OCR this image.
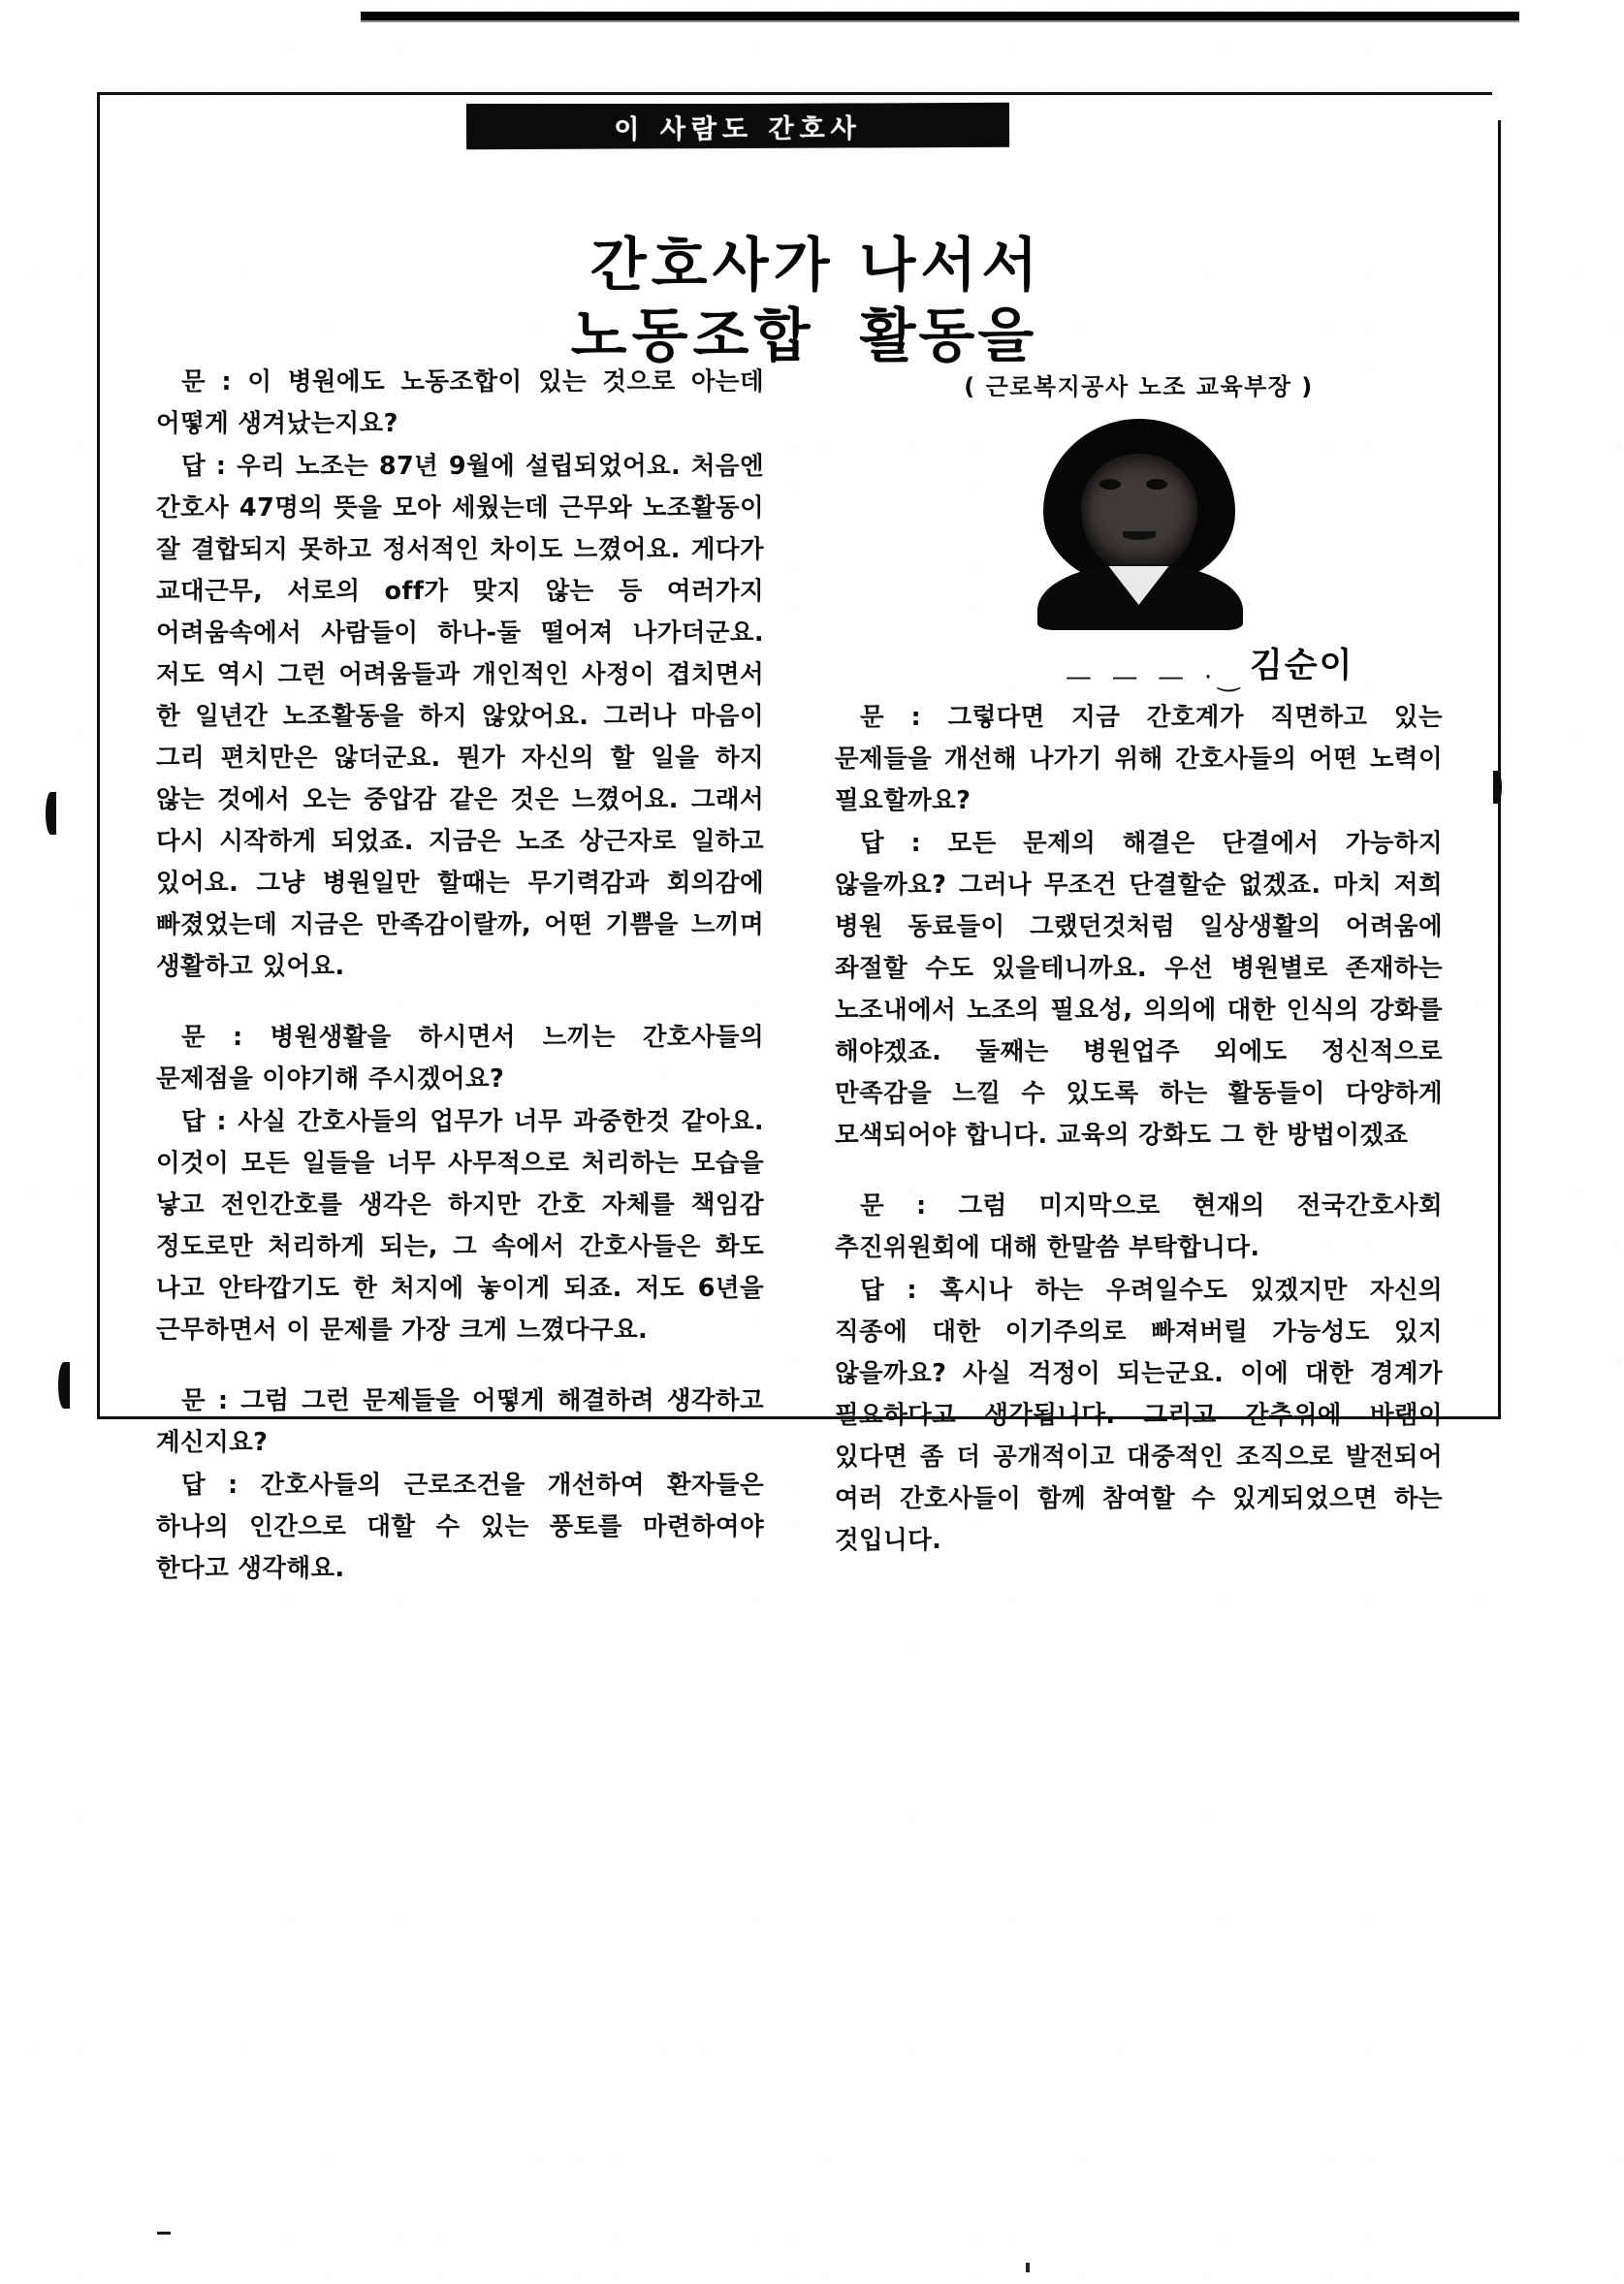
이 사람도 간호사
간호사가 나서서
노동조합 활동을

문 : 이 병원에도 노동조합이 있는 것으로 아는데 어떻게 생겨났는지요?

답 : 우리 노조는 87년 9월에 설립되었어요. 처음엔 간호사 47명의 뜻을 모아 세웠는데 근무와 노조활동이 잘 결합되지 못하고 정서적인 차이도 느꼈어요. 게다가 교대근무, 서로의 off가 맞지 않는 등 여러가지 어려움속에서 사람들이 하나-둘 떨어져 나가더군요. 저도 역시 그런 어려움들과 개인적인 사정이 겹치면서 한 일년간 노조활동을 하지 않았어요. 그러나 마음이 그리 편치만은 않더군요. 뭔가 자신의 할 일을 하지 않는 것에서 오는 중압감 같은 것은 느꼈어요. 그래서 다시 시작하게 되었죠. 지금은 노조 상근자로 일하고 있어요. 그냥 병원일만 할때는 무기력감과 회의감에 빠졌었는데 지금은 만족감이랄까, 어떤 기쁨을 느끼며 생활하고 있어요.

문 : 병원생활을 하시면서 느끼는 간호사들의 문제점을 이야기해 주시겠어요?

답 : 사실 간호사들의 업무가 너무 과중한것 같아요. 이것이 모든 일들을 너무 사무적으로 처리하는 모습을 낳고 전인간호를 생각은 하지만 간호 자체를 책임감 정도로만 처리하게 되는, 그 속에서 간호사들은 화도 나고 안타깝기도 한 처지에 놓이게 되죠. 저도 6년을 근무하면서 이 문제를 가장 크게 느꼈다구요.

문 : 그럼 그런 문제들을 어떻게 해결하려 생각하고 계신지요?

답 : 간호사들의 근로조건을 개선하여 환자들은 하나의 인간으로 대할 수 있는 풍토를 마련하여야 한다고 생각해요.

( 근로복지공사 노조 교육부장 )
— — — ·‿ 김순이

문 : 그렇다면 지금 간호계가 직면하고 있는 문제들을 개선해 나가기 위해 간호사들의 어떤 노력이 필요할까요?

답 : 모든 문제의 해결은 단결에서 가능하지 않을까요? 그러나 무조건 단결할순 없겠죠. 마치 저희 병원 동료들이 그랬던것처럼 일상생활의 어려움에 좌절할 수도 있을테니까요. 우선 병원별로 존재하는 노조내에서 노조의 필요성, 의의에 대한 인식의 강화를 해야겠죠. 둘째는 병원업주 외에도 정신적으로 만족감을 느낄 수 있도록 하는 활동들이 다양하게 모색되어야 합니다. 교육의 강화도 그 한 방법이겠죠

문 : 그럼 미지막으로 현재의 전국간호사회 추진위원회에 대해 한말씀 부탁합니다.

답 : 혹시나 하는 우려일수도 있겠지만 자신의 직종에 대한 이기주의로 빠져버릴 가능성도 있지 않을까요? 사실 걱정이 되는군요. 이에 대한 경계가 필요하다고 생각됩니다. 그리고 간추위에 바램이 있다면 좀 더 공개적이고 대중적인 조직으로 발전되어 여러 간호사들이 함께 참여할 수 있게되었으면 하는 것입니다.
